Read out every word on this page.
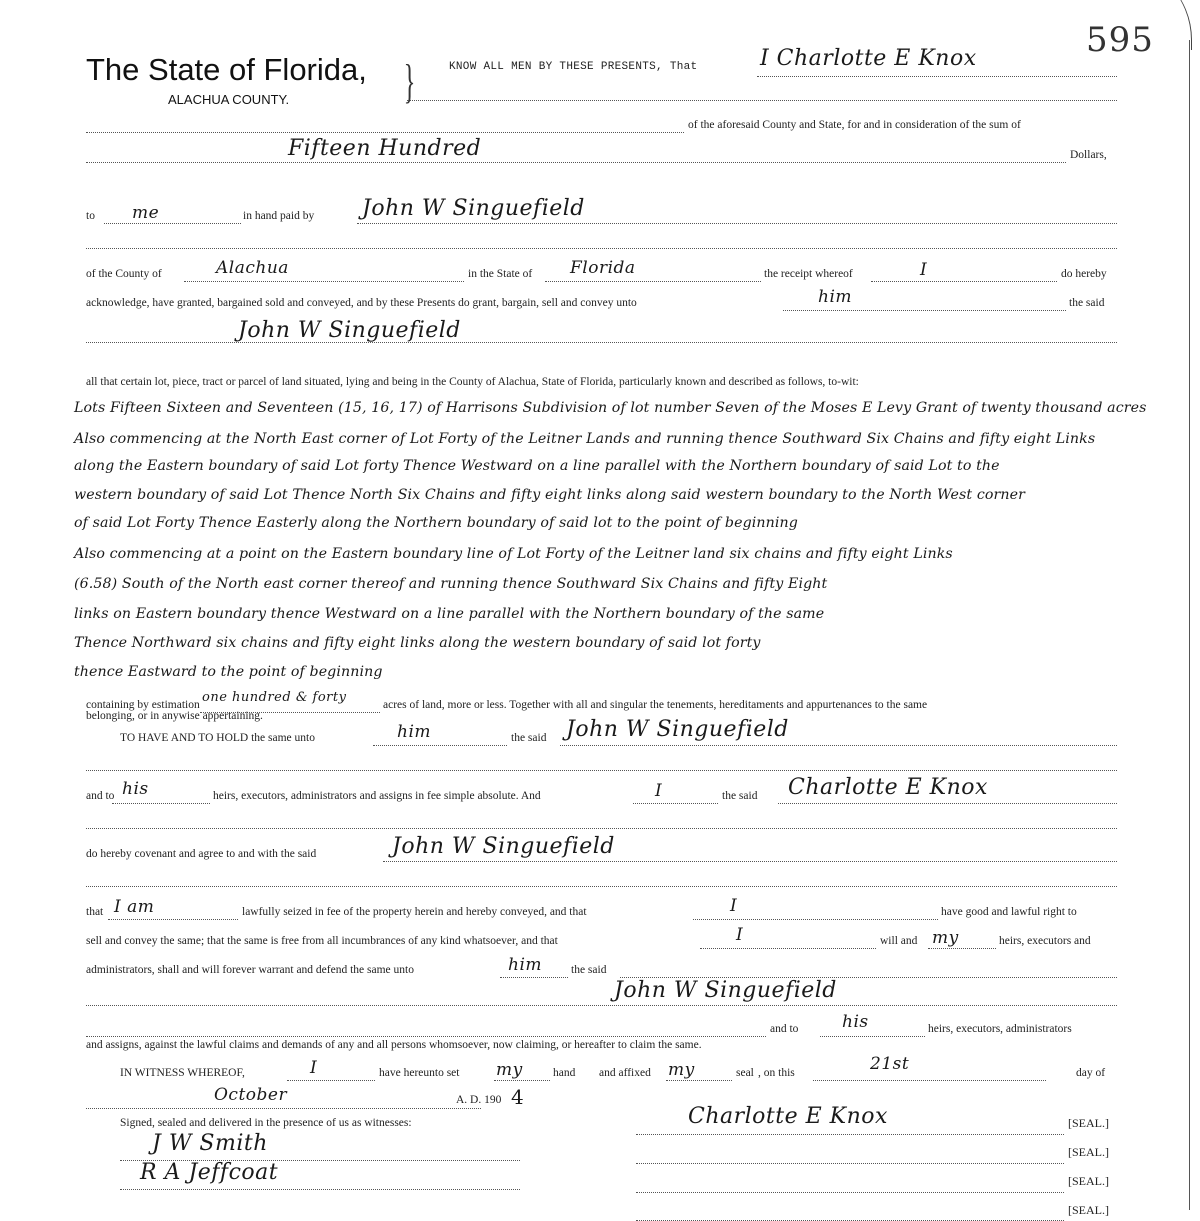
595
The State of Florida,
ALACHUA COUNTY. }	KNOW ALL MEN BY THESE PRESENTS, That	I Charlotte E Knox
of the aforesaid County and State, for and in consideration of the sum of
Fifteen Hundred	Dollars,
to me	in hand paid by John W Singuefield
of the County of	Alachua	in the State of Florida	the receipt whereof	I	do hereby
acknowledge, have granted, bargained sold and conveyed, and by these Presents do grant, bargain, sell and convey unto	him	the said
John W Singuefield
all that certain lot, piece, tract or parcel of land situated, lying and being in the County of Alachua, State of Florida, particularly known and described as follows, to-wit:
Lots Fifteen Sixteen and Seventeen (15, 16, 17) of Harrisons Subdivision of lot number Seven of the Moses E Levy Grant of twenty thousand acres
Also commencing at the North East corner of Lot Forty of the Leitner Lands and running thence Southward Six Chains and fifty eight Links
along the Eastern boundary of said Lot forty Thence Westward on a line parallel with the Northern boundary of said Lot to the
western boundary of said Lot Thence North Six Chains and fifty eight links along said western boundary to the North West corner
of said Lot Forty Thence Easterly along the Northern boundary of said lot to the point of beginning
Also commencing at a point on the Eastern boundary line of Lot Forty of the Leitner land six chains and fifty eight Links
(6.58) South of the North east corner thereof and running thence Southward Six Chains and fifty Eight
links on Eastern boundary thence Westward on a line parallel with the Northern boundary of the same
Thence Northward six chains and fifty eight links along the western boundary of said lot forty
thence Eastward to the point of beginning
containing by estimation one hundred & forty	acres of land, more or less. Together with all and singular the tenements, hereditaments and appurtenances to the same
belonging, or in anywise appertaining.
TO HAVE AND TO HOLD the same unto	him	the said John W Singuefield
and to his	heirs, executors, administrators and assigns in fee simple absolute. And	I	the said Charlotte E Knox
do hereby covenant and agree to and with the said	John W Singuefield
that I am	lawfully seized in fee of the property herein and hereby conveyed, and that	I	have good and lawful right to
sell and convey the same; that the same is free from all incumbrances of any kind whatsoever, and that	I	will and my	heirs, executors and
administrators, shall and will forever warrant and defend the same unto	him	the said
John W Singuefield
and to	his	heirs, executors, administrators
and assigns, against the lawful claims and demands of any and all persons whomsoever, now claiming, or hereafter to claim the same.
IN WITNESS WHEREOF,	I	have hereunto set my	hand and affixed my	seal , on this	21st	day of
October	A. D. 190 4
Signed, sealed and delivered in the presence of us as witnesses:	Charlotte E Knox	[SEAL.]
[SEAL.]
[SEAL.]
[SEAL.]
J W Smith
R A Jeffcoat
